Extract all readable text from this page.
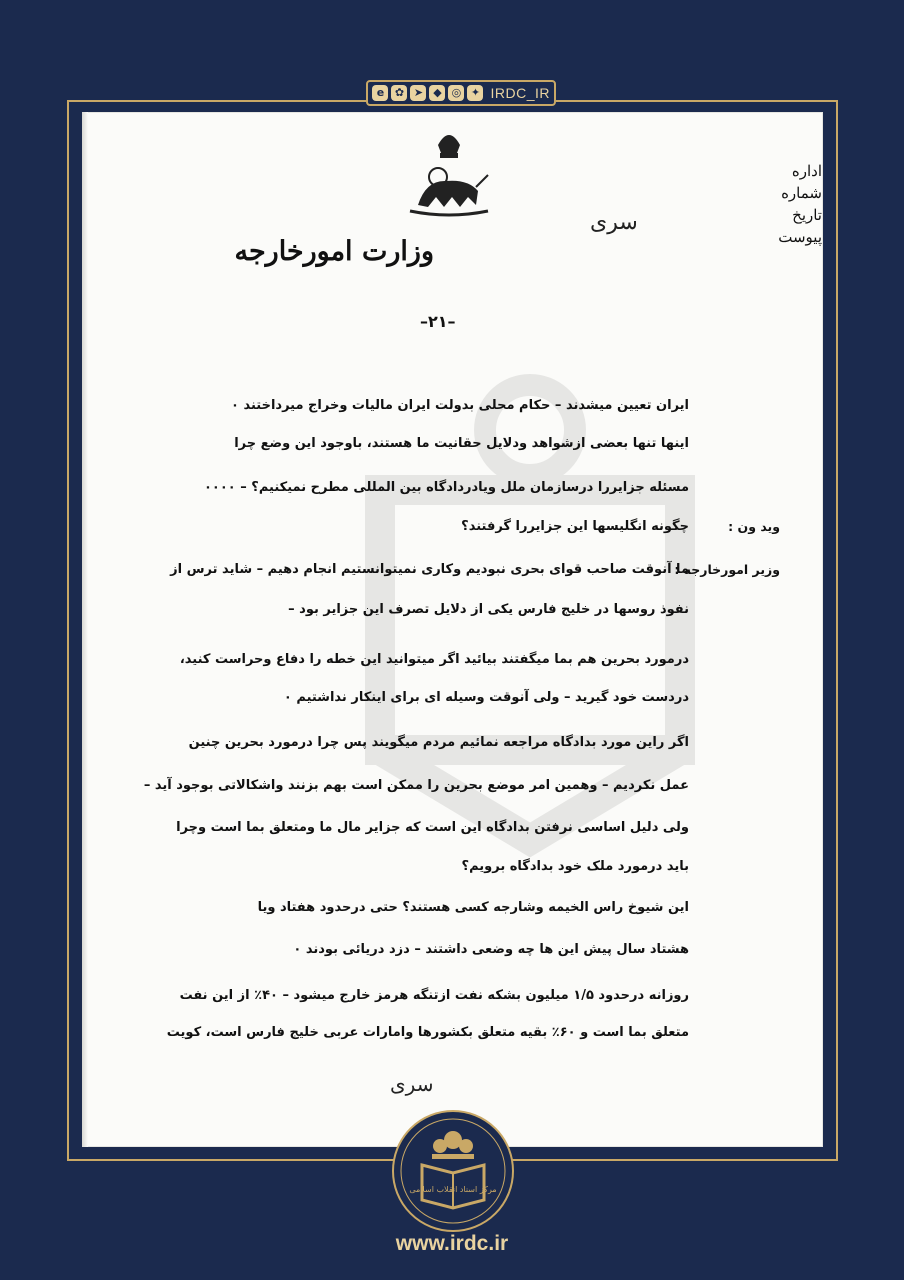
e ✿ ➤ ◆ ◎ ✦ IRDC_IR
وزارت امورخارجه
سری
اداره
شماره
تاریخ
پیوست
–۲۱–
ایران تعیین میشدند – حکام محلی بدولت ایران مالیات وخراج میرداختند ۰
اینها تنها بعضی ازشواهد ودلایل حقانیت ما هستند، باوجود این وضع چرا
مسئله جزایررا درسازمان ملل ویادردادگاه بین المللی مطرح نمیکنیم؟ – ۰۰۰۰
چگونه انگلیسها این جزایررا گرفتند؟
ما آنوقت صاحب قوای بحری نبودیم وکاری نمیتوانستیم انجام دهیم – شاید ترس از
نفوذ روسها در خلیج فارس یکی از دلایل تصرف این جزایر بود –
درمورد بحرین هم بما میگفتند بیائید اگر میتوانید این خطه را دفاع وحراست کنید،
دردست خود گیرید – ولی آنوقت وسیله ای برای اینکار نداشتیم ۰
اگر راین مورد بدادگاه مراجعه نمائیم مردم میگویند پس چرا درمورد بحرین چنین
عمل نکردیم – وهمین امر موضع بحرین را ممکن است بهم بزنند واشکالاتی بوجود آید –
ولی دلیل اساسی نرفتن بدادگاه این است که جزایر مال ما ومتعلق بما است وچرا
باید درمورد ملک خود بدادگاه برویم؟
این شیوخ راس الخیمه وشارجه کسی هستند؟ حتی درحدود هفتاد ویا
هشتاد سال پیش این ها چه وضعی داشتند – دزد دریائی بودند ۰
روزانه درحدود ۱/۵ میلیون بشکه نفت ازتنگه هرمز خارج میشود – ۴۰٪ از این نفت
متعلق بما است و ۶۰٪ بقیه متعلق بکشورها وامارات عربی خلیج فارس است، کویت
وید ون :
وزیر امورخارجه :
سری
مرکز اسناد انقلاب اسلامی
www.irdc.ir
